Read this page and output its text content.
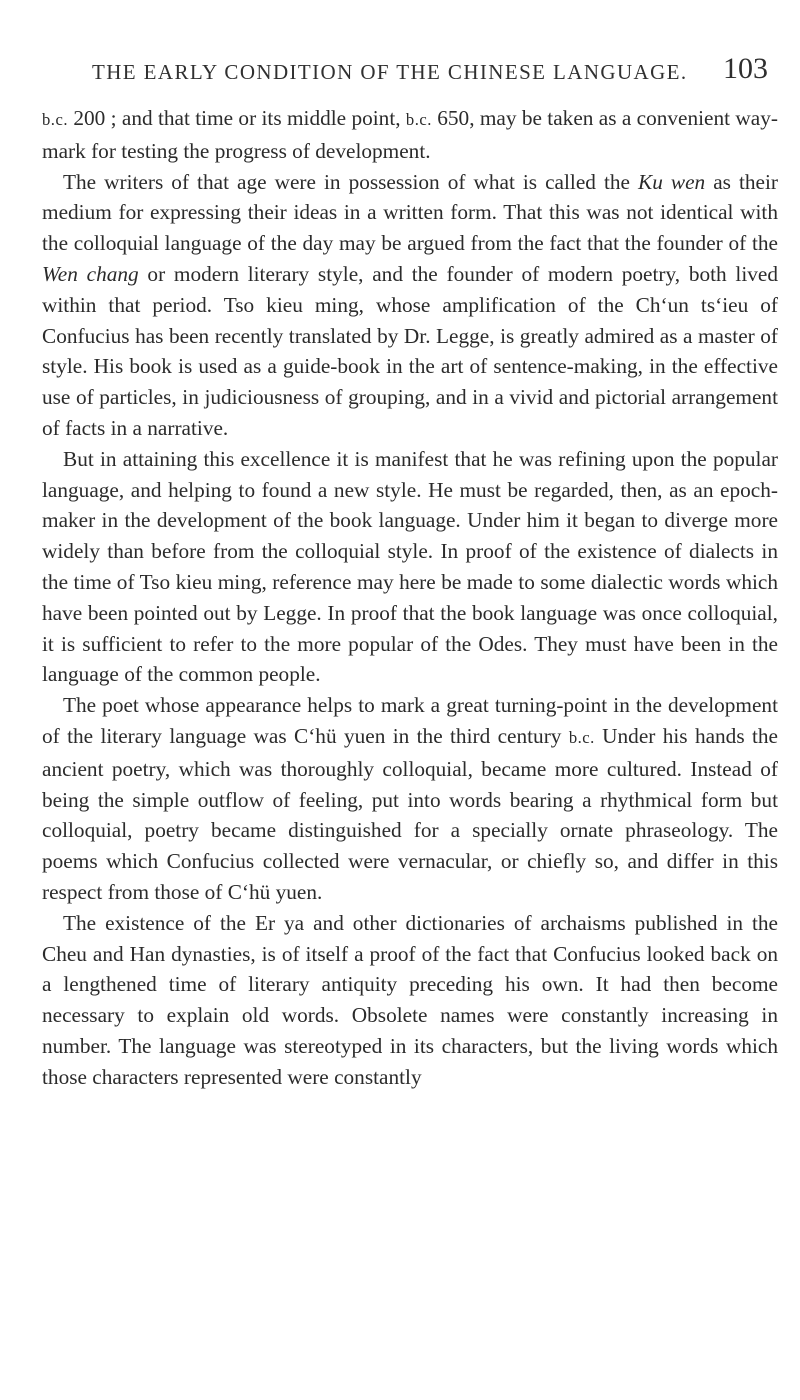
THE EARLY CONDITION OF THE CHINESE LANGUAGE. 103

b.c. 200 ; and that time or its middle point, b.c. 650, may be taken as a convenient way-mark for testing the progress of development.

The writers of that age were in possession of what is called the Ku wen as their medium for expressing their ideas in a written form. That this was not identical with the colloquial language of the day may be argued from the fact that the founder of the Wen chang or modern literary style, and the founder of modern poetry, both lived within that period. Tso kieu ming, whose amplification of the Ch‘un ts‘ieu of Confucius has been recently translated by Dr. Legge, is greatly admired as a master of style. His book is used as a guide-book in the art of sentence-making, in the effective use of particles, in judiciousness of grouping, and in a vivid and pictorial arrangement of facts in a narrative.

But in attaining this excellence it is manifest that he was refining upon the popular language, and helping to found a new style. He must be regarded, then, as an epoch-maker in the development of the book language. Under him it began to diverge more widely than before from the colloquial style. In proof of the existence of dialects in the time of Tso kieu ming, reference may here be made to some dialectic words which have been pointed out by Legge. In proof that the book language was once colloquial, it is sufficient to refer to the more popular of the Odes. They must have been in the language of the common people.

The poet whose appearance helps to mark a great turning-point in the development of the literary language was C‘hü yuen in the third century b.c. Under his hands the ancient poetry, which was thoroughly colloquial, became more cultured. Instead of being the simple outflow of feeling, put into words bearing a rhythmical form but colloquial, poetry became distinguished for a specially ornate phraseology. The poems which Confucius collected were vernacular, or chiefly so, and differ in this respect from those of C‘hü yuen.

The existence of the Er ya and other dictionaries of archaisms published in the Cheu and Han dynasties, is of itself a proof of the fact that Confucius looked back on a lengthened time of literary antiquity preceding his own. It had then become necessary to explain old words. Obsolete names were constantly increasing in number. The language was stereotyped in its characters, but the living words which those characters represented were constantly
